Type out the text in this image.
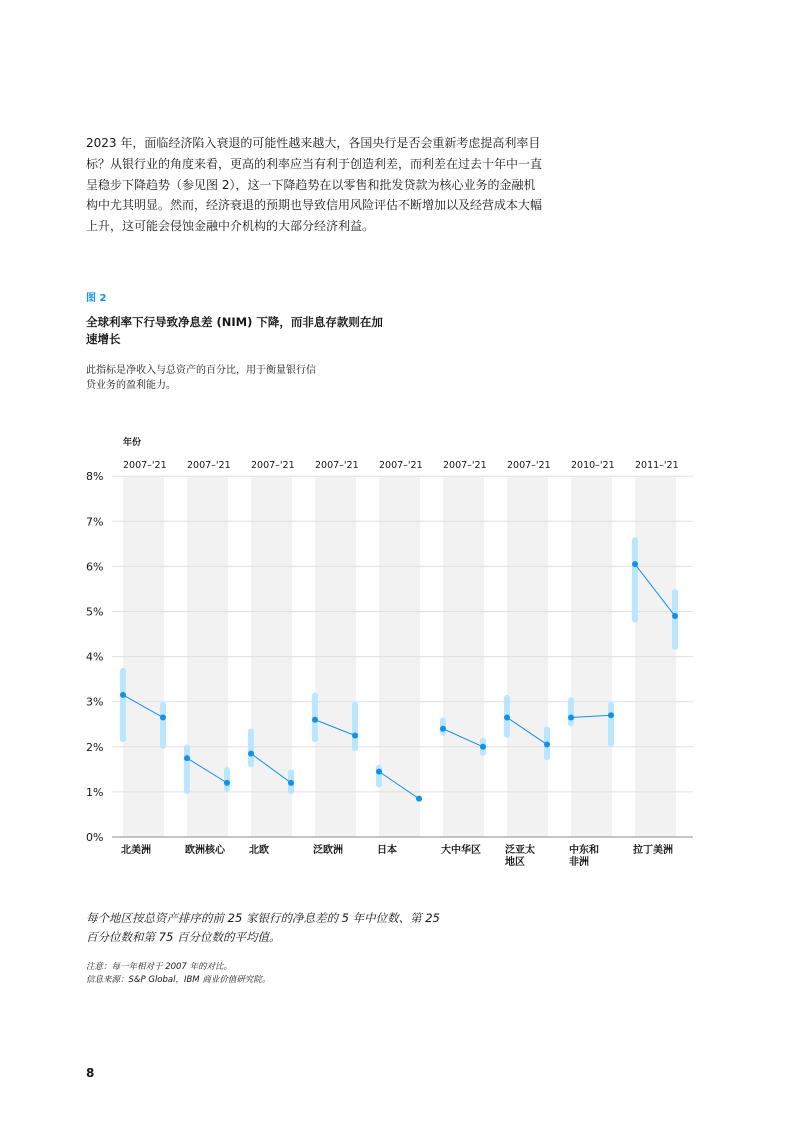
2023 年，面临经济陷入衰退的可能性越来越大，各国央行是否会重新考虑提高利率目标？从银行业的角度来看，更高的利率应当有利于创造利差，而利差在过去十年中一直呈稳步下降趋势（参见图 2），这一下降趋势在以零售和批发贷款为核心业务的金融机构中尤其明显。然而，经济衰退的预期也导致信用风险评估不断增加以及经营成本大幅上升，这可能会侵蚀金融中介机构的大部分经济利益。

图 2

全球利率下行导致净息差 (NIM) 下降，而非息存款则在加速增长

此指标是净收入与总资产的百分比，用于衡量银行信贷业务的盈利能力。

8%
7%
6%
5%
4%
3%
2%
1%
0%
年份
2007–'21
北美洲
2007–'21
欧洲核心
2007–'21
北欧
2007–'21
泛欧洲
2007–'21
日本
2007–'21
大中华区
2007–'21
泛亚太
地区
2010–'21
中东和
非洲
2011–'21
拉丁美洲

每个地区按总资产排序的前 25 家银行的净息差的 5 年中位数、第 25 百分位数和第 75 百分位数的平均值。

注意：每一年相对于 2007 年的对比。
信息来源：S&P Global，IBM 商业价值研究院。

8
